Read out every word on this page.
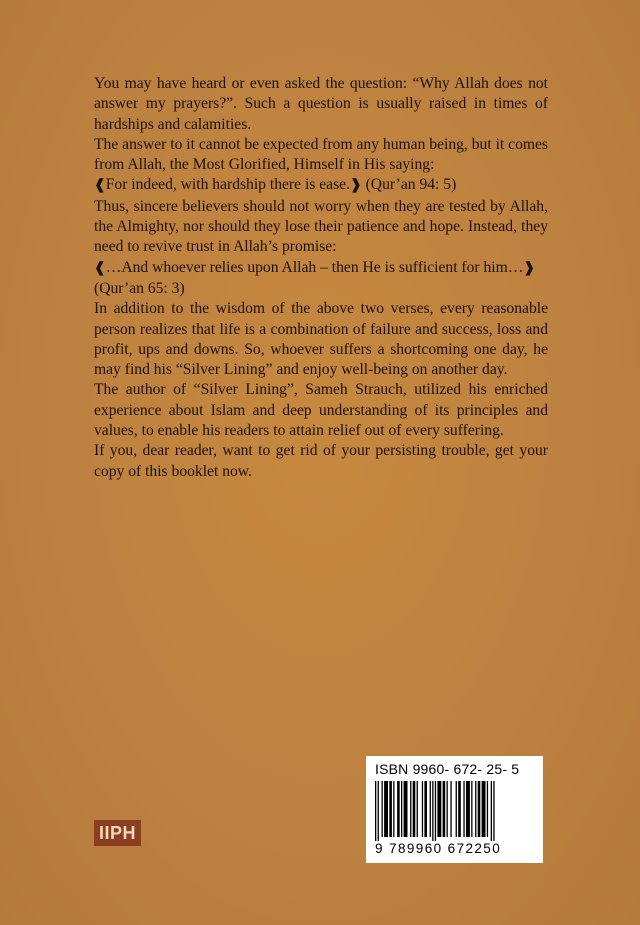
You may have heard or even asked the question: “Why Allah does not answer my prayers?”. Such a question is usually raised in times of hardships and calamities.

The answer to it cannot be expected from any human being, but it comes from Allah, the Most Glorified, Himself in His saying:

❰For indeed, with hardship there is ease.❱ (Qur’an 94: 5)

Thus, sincere believers should not worry when they are tested by Allah, the Almighty, nor should they lose their patience and hope. Instead, they need to revive trust in Allah’s promise:

❰…And whoever relies upon Allah – then He is sufficient for him…❱

(Qur’an 65: 3)

In addition to the wisdom of the above two verses, every reasonable person realizes that life is a combination of failure and success, loss and profit, ups and downs. So, whoever suffers a shortcoming one day, he may find his “Silver Lining” and enjoy well-being on another day.

The author of “Silver Lining”, Sameh Strauch, utilized his enriched experience about Islam and deep understanding of its principles and values, to enable his readers to attain relief out of every suffering.

If you, dear reader, want to get rid of your persisting trouble, get your copy of this booklet now.

ISBN 9960- 672- 25- 5
9 789960 672250
IIPH
